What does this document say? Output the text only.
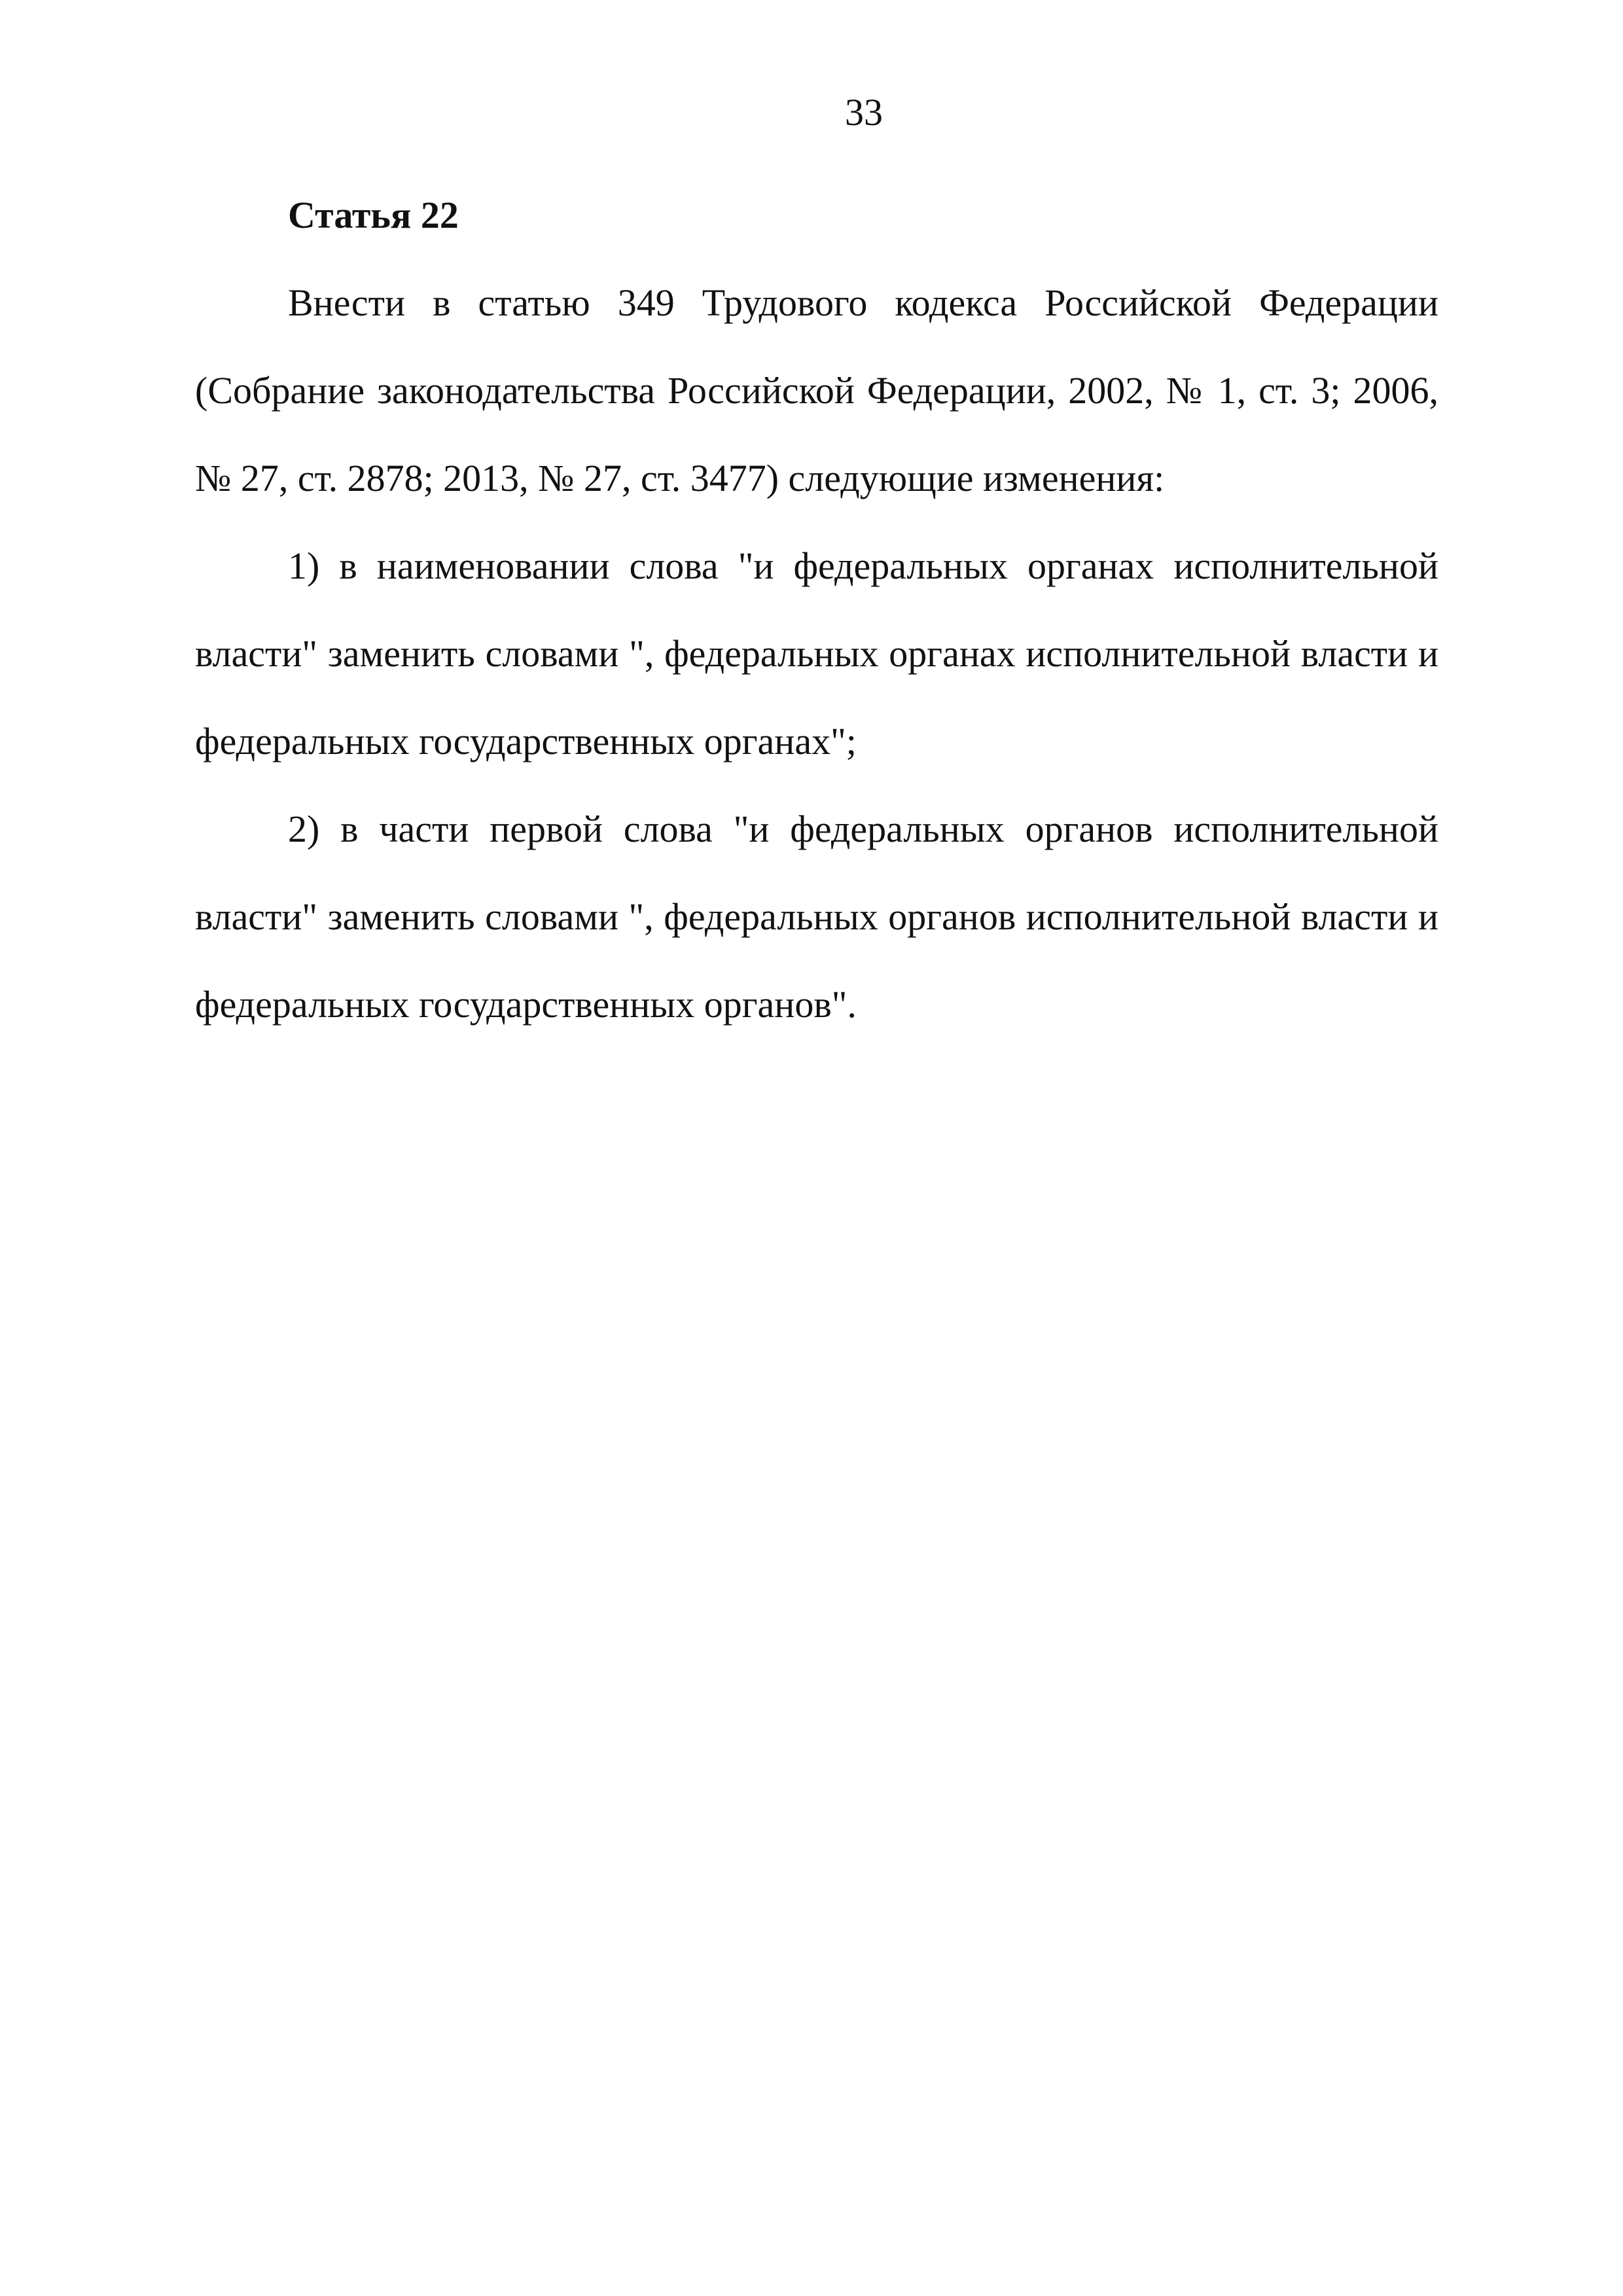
33

Статья 22

Внести в статью 349 Трудового кодекса Российской Федерации (Собрание законодательства Российской Федерации, 2002, № 1, ст. 3; 2006, № 27, ст. 2878; 2013, № 27, ст. 3477) следующие изменения:

1) в наименовании слова "и федеральных органах исполнительной власти" заменить словами ", федеральных органах исполнительной власти и федеральных государственных органах";

2) в части первой слова "и федеральных органов исполнительной власти" заменить словами ", федеральных органов исполнительной власти и федеральных государственных органов".
